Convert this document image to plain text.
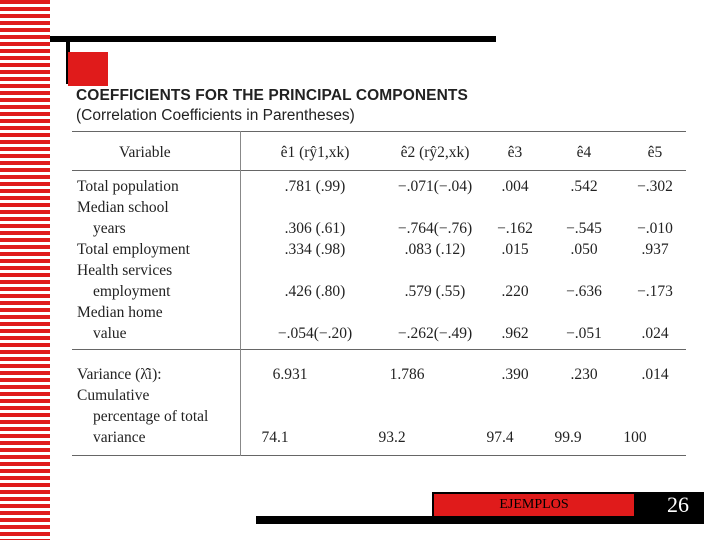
COEFFICIENTS FOR THE PRINCIPAL COMPONENTS
(Correlation Coefficients in Parentheses)
Variable	ê1 (rŷ1,xk)	ê2 (rŷ2,xk)	ê3	ê4	ê5
Total population	.781 (.99)	−.071(−.04)	.004	.542	−.302
Median school
years	.306 (.61)	−.764(−.76)	−.162	−.545	−.010
Total employment	.334 (.98)	.083 (.12)	.015	.050	.937
Health services
employment	.426 (.80)	.579 (.55)	.220	−.636	−.173
Median home
value	−.054(−.20)	−.262(−.49)	.962	−.051	.024
Variance (λ̂i):	6.931	1.786	.390	.230	.014
Cumulative
percentage of total
variance	74.1	93.2	97.4	99.9	100
EJEMPLOS	26
